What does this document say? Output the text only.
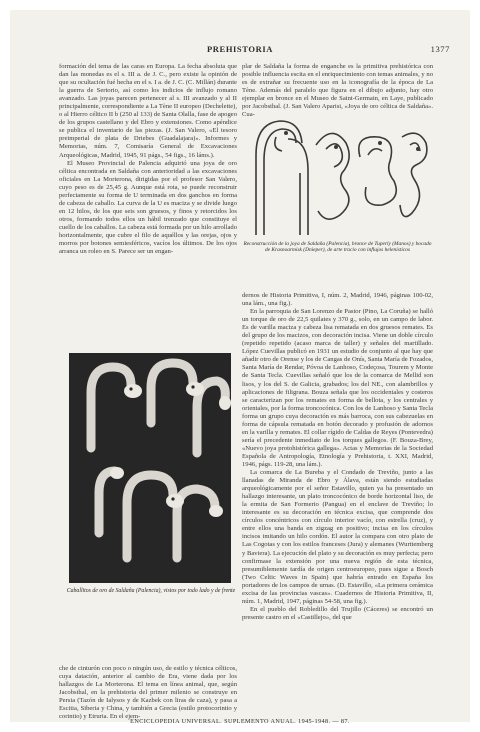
PREHISTORIA	1377

formación del tema de las caras en Europa. La fecha absoluta que dan las monedas es el s. III a. de J. C., pero existe la opinión de que su ocultación fué hecha en el s. I a. de J. C. (C. Millán) durante la guerra de Sertorio, así como los indicios de influjo romano avanzado. Las joyas parecen pertenecer al s. III avanzado y al II principalmente, correspondiente a La Tène II europeo (Dechelette), o al Hierro céltico II b (250 al 133) de Santa Olalla, fase de apogeo de los grupos castellano y del Ebro y extensiones. Como apéndice se publica el inventario de las piezas. (J. San Valero, «El tesoro preimperial de plata de Driebes (Guadalajara)». Informes y Memorias, núm. 7, Comisaría General de Excavaciones Arqueológicas, Madrid, 1945, 91 págs., 54 figs., 16 láms.).

El Museo Provincial de Palencia adquirió una joya de oro céltica encontrada en Saldaña con anterioridad a las excavaciones oficiales en La Morterona, dirigidas por el profesor San Valero, cuyo peso es de 25,45 g. Aunque está rota, se puede reconstruir perfectamente su forma de U terminada en dos ganchos en forma de cabeza de caballo. La curva de la U es maciza y se divide luego en 12 hilos, de los que seis son gruesos, y finos y retorcidos los otros, formando todos ellos un hábil trenzado que constituye el cuello de los caballos. La cabeza está formada por un hilo arrollado horizontalmente, que cubre el filo de aquéllos y las orejas, ojos y morros por botones semiesféricos, vacíos los últimos. De los ojos arranca un roleo en S. Parece ser un engan-

Caballitos de oro de Saldaña (Palencia), vistos por todo lado y de frente

che de cinturón con poco o ningún uso, de estilo y técnica célticos, cuya datación, anterior al cambio de Era, viene dada por los hallazgos de La Morterona. El tema en línea animal, que, según Jacobsthal, en la prehistoria del primer milenio se construye en Persia (Tazón de Ialysos y de Kazbek con liras de caza), y pasa a Escitia, Siberia y China, y también a Grecia (estilo protocorintio y corintio) y Etruria. En el ejem-

plar de Saldaña la forma de enganche es la primitiva prehistórica con posible influencia escita en el enriquecimiento con temas animales, y no es de extrañar su frecuente uso en la iconografía de la época de La Tène. Además del paralelo que figura en el dibujo adjunto, hay otro ejemplar en bronce en el Museo de Saint-Germain, en Laye, publicado por Jacobsthal. (J. San Valero Aparisi, «Joya de oro céltica de Saldaña». Cua-

Reconstrucción de la joya de Saldaña (Palencia), bronce de Tuperly (Manos) y bocado de Krasnoarmisk (Dnieper), de arte tracio con influjos helenísticos

dernos de Historia Primitiva, I, núm. 2, Madrid, 1946, páginas 100-02, una lám., una fig.).

En la parroquia de San Lorenzo de Pastor (Pino, La Coruña) se halló un torque de oro de 22,5 quilates y 370 g., solo, en un campo de labor. Es de varilla maciza y cabeza lisa rematada en dos gruesos remates. Es del grupo de los macizos, con decoración incisa. Viene un doble círculo (repetido repetido (acaso marca de taller) y señales del martillado. López Cuevillas publicó en 1931 un estudio de conjunto al que hay que añadir otro de Orense y los de Cangas de Onís, Santa María de Fozados, Santa María de Rendar, Póvoa de Lanhoso, Codeçosa, Tourem y Monte de Santa Tecla. Cuevillas señaló que los de la comarca de Mellid son lisos, y los del S. de Galicia, grabados; los del NE., con alambrillos y aplicaciones de filigrana. Bouza señala que los occidentales y costeros se caracterizan por los remates en forma de bellota, y los centrales y orientales, por la forma troncocónica. Con los de Lanhoso y Santa Tecla forma un grupo cuya decoración es más barroca, con sus cabezuelas en forma de cápsula rematada en botón decorado y profusión de adornos en la varilla y remates. El collar rígido de Caldas de Reyes (Pontevedra) sería el precedente inmediato de los torques gallegos. (F. Bouza-Brey, «Nuevo joya protohistórica gallega». Actas y Memorias de la Sociedad Española de Antropología, Etnología y Prehistoria, t. XXI, Madrid, 1946, págs. 119-28, una lám.).

La comarca de La Bureba y el Condado de Treviño, junto a las llanadas de Miranda de Ebro y Álava, están siendo estudiadas arqueológicamente por el señor Estavillo, quien ya ha presentado un hallazgo interesante, un plato troncocónico de borde horizontal liso, de la ermita de San Formerio (Pangua) en el enclave de Treviño; lo interesante es su decoración en técnica excisa, que comprende dos círculos concéntricos con círculo interior vacío, con estrella (cruz), y entre ellos una banda en zigzag en positivo; incisa en los círculos incisos imitando un hilo cordón. El autor la compara con otro plato de Las Cogotas y con los estilos franceses (Jura) y alemanes (Wurttemberg y Baviera). La ejecución del plato y su decoración es muy perfecta; pero confirmase la extensión por una nueva región de esta técnica, presumiblemente tardía de origen centroeuropeo, pues sigue a Bosch (Two Celtic Waves in Spain) que habría entrado en España los portadores de los campos de urnas. (D. Estavillo, «La primera cerámica excisa de las provincias vascas». Cuadernos de Historia Primitiva, II, núm. 1, Madrid, 1947, páginas 54-58, una fig.).

En el pueblo del Robledillo del Trujillo (Cáceres) se encontró un presente castro en el «Castillejo», del que

ENCICLOPEDIA UNIVERSAL. SUPLEMENTO ANUAL. 1945-1948. — 87.
